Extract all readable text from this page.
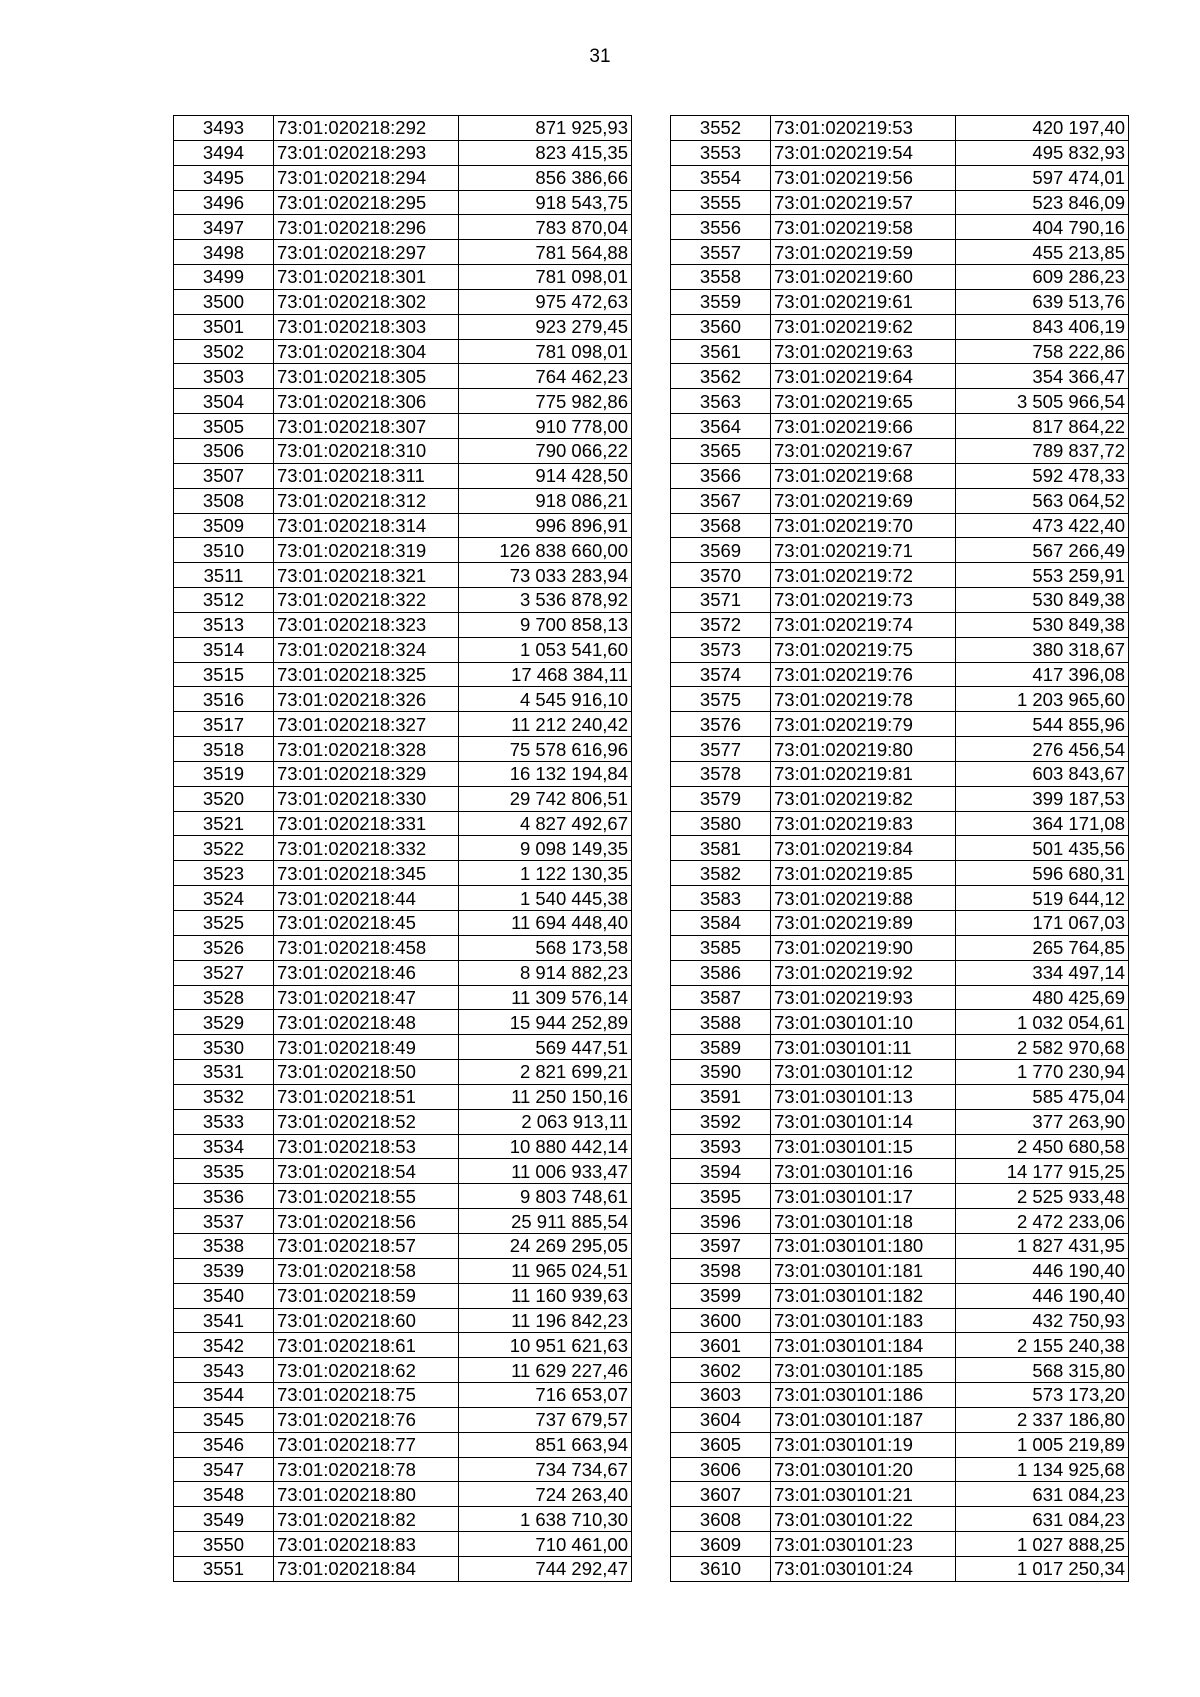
31
3493	73:01:020218:292	871 925,93
3494	73:01:020218:293	823 415,35
3495	73:01:020218:294	856 386,66
3496	73:01:020218:295	918 543,75
3497	73:01:020218:296	783 870,04
3498	73:01:020218:297	781 564,88
3499	73:01:020218:301	781 098,01
3500	73:01:020218:302	975 472,63
3501	73:01:020218:303	923 279,45
3502	73:01:020218:304	781 098,01
3503	73:01:020218:305	764 462,23
3504	73:01:020218:306	775 982,86
3505	73:01:020218:307	910 778,00
3506	73:01:020218:310	790 066,22
3507	73:01:020218:311	914 428,50
3508	73:01:020218:312	918 086,21
3509	73:01:020218:314	996 896,91
3510	73:01:020218:319	126 838 660,00
3511	73:01:020218:321	73 033 283,94
3512	73:01:020218:322	3 536 878,92
3513	73:01:020218:323	9 700 858,13
3514	73:01:020218:324	1 053 541,60
3515	73:01:020218:325	17 468 384,11
3516	73:01:020218:326	4 545 916,10
3517	73:01:020218:327	11 212 240,42
3518	73:01:020218:328	75 578 616,96
3519	73:01:020218:329	16 132 194,84
3520	73:01:020218:330	29 742 806,51
3521	73:01:020218:331	4 827 492,67
3522	73:01:020218:332	9 098 149,35
3523	73:01:020218:345	1 122 130,35
3524	73:01:020218:44	1 540 445,38
3525	73:01:020218:45	11 694 448,40
3526	73:01:020218:458	568 173,58
3527	73:01:020218:46	8 914 882,23
3528	73:01:020218:47	11 309 576,14
3529	73:01:020218:48	15 944 252,89
3530	73:01:020218:49	569 447,51
3531	73:01:020218:50	2 821 699,21
3532	73:01:020218:51	11 250 150,16
3533	73:01:020218:52	2 063 913,11
3534	73:01:020218:53	10 880 442,14
3535	73:01:020218:54	11 006 933,47
3536	73:01:020218:55	9 803 748,61
3537	73:01:020218:56	25 911 885,54
3538	73:01:020218:57	24 269 295,05
3539	73:01:020218:58	11 965 024,51
3540	73:01:020218:59	11 160 939,63
3541	73:01:020218:60	11 196 842,23
3542	73:01:020218:61	10 951 621,63
3543	73:01:020218:62	11 629 227,46
3544	73:01:020218:75	716 653,07
3545	73:01:020218:76	737 679,57
3546	73:01:020218:77	851 663,94
3547	73:01:020218:78	734 734,67
3548	73:01:020218:80	724 263,40
3549	73:01:020218:82	1 638 710,30
3550	73:01:020218:83	710 461,00
3551	73:01:020218:84	744 292,47
3552	73:01:020219:53	420 197,40
3553	73:01:020219:54	495 832,93
3554	73:01:020219:56	597 474,01
3555	73:01:020219:57	523 846,09
3556	73:01:020219:58	404 790,16
3557	73:01:020219:59	455 213,85
3558	73:01:020219:60	609 286,23
3559	73:01:020219:61	639 513,76
3560	73:01:020219:62	843 406,19
3561	73:01:020219:63	758 222,86
3562	73:01:020219:64	354 366,47
3563	73:01:020219:65	3 505 966,54
3564	73:01:020219:66	817 864,22
3565	73:01:020219:67	789 837,72
3566	73:01:020219:68	592 478,33
3567	73:01:020219:69	563 064,52
3568	73:01:020219:70	473 422,40
3569	73:01:020219:71	567 266,49
3570	73:01:020219:72	553 259,91
3571	73:01:020219:73	530 849,38
3572	73:01:020219:74	530 849,38
3573	73:01:020219:75	380 318,67
3574	73:01:020219:76	417 396,08
3575	73:01:020219:78	1 203 965,60
3576	73:01:020219:79	544 855,96
3577	73:01:020219:80	276 456,54
3578	73:01:020219:81	603 843,67
3579	73:01:020219:82	399 187,53
3580	73:01:020219:83	364 171,08
3581	73:01:020219:84	501 435,56
3582	73:01:020219:85	596 680,31
3583	73:01:020219:88	519 644,12
3584	73:01:020219:89	171 067,03
3585	73:01:020219:90	265 764,85
3586	73:01:020219:92	334 497,14
3587	73:01:020219:93	480 425,69
3588	73:01:030101:10	1 032 054,61
3589	73:01:030101:11	2 582 970,68
3590	73:01:030101:12	1 770 230,94
3591	73:01:030101:13	585 475,04
3592	73:01:030101:14	377 263,90
3593	73:01:030101:15	2 450 680,58
3594	73:01:030101:16	14 177 915,25
3595	73:01:030101:17	2 525 933,48
3596	73:01:030101:18	2 472 233,06
3597	73:01:030101:180	1 827 431,95
3598	73:01:030101:181	446 190,40
3599	73:01:030101:182	446 190,40
3600	73:01:030101:183	432 750,93
3601	73:01:030101:184	2 155 240,38
3602	73:01:030101:185	568 315,80
3603	73:01:030101:186	573 173,20
3604	73:01:030101:187	2 337 186,80
3605	73:01:030101:19	1 005 219,89
3606	73:01:030101:20	1 134 925,68
3607	73:01:030101:21	631 084,23
3608	73:01:030101:22	631 084,23
3609	73:01:030101:23	1 027 888,25
3610	73:01:030101:24	1 017 250,34
